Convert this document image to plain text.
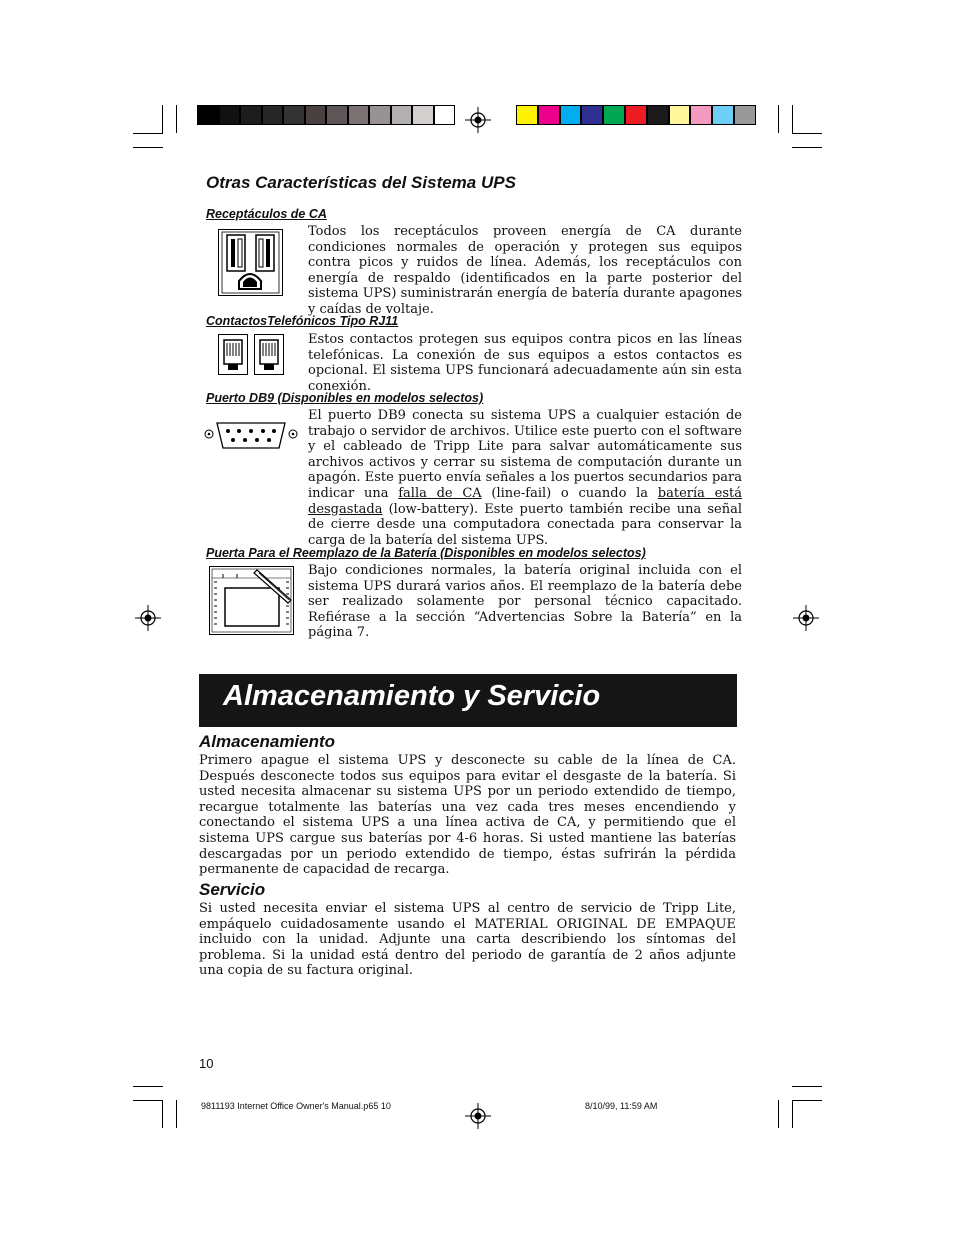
Otras Características del Sistema UPS

Receptáculos de CA

Todos los receptáculos proveen energía de CA durante condiciones normales de operación y protegen sus equipos contra picos y ruidos de línea. Además, los receptáculos con energía de respaldo (identificados en la parte posterior del sistema UPS) suministrarán energía de batería durante apagones y caídas de voltaje.

ContactosTelefónicos Tipo RJ11

Estos contactos protegen sus equipos contra picos en las líneas telefónicas. La conexión de sus equipos a estos contactos es opcional. El sistema UPS funcionará adecuadamente aún sin esta conexión.

Puerto DB9 (Disponibles en modelos selectos)

El puerto DB9 conecta su sistema UPS a cualquier estación de trabajo o servidor de archivos. Utilice este puerto con el software y el cableado de Tripp Lite para salvar automáticamente sus archivos activos y cerrar su sistema de computación durante un apagón. Este puerto envía señales a los puertos secundarios para indicar una falla de CA (line-fail) o cuando la batería está desgastada (low-battery). Este puerto también recibe una señal de cierre desde una computadora conectada para conservar la carga de la batería del sistema UPS.

Puerta Para el Reemplazo de la Batería (Disponibles en modelos selectos)

Bajo condiciones normales, la batería original incluida con el sistema UPS durará varios años. El reemplazo de la batería debe ser realizado solamente por personal técnico capacitado. Refiérase a la sección “Advertencias Sobre la Batería” en la página 7.

Almacenamiento y Servicio
Almacenamiento

Primero apague el sistema UPS y desconecte su cable de la línea de CA. Después desconecte todos sus equipos para evitar el desgaste de la batería. Si usted necesita almacenar su sistema UPS por un periodo extendido de tiempo, recargue totalmente las baterías una vez cada tres meses encendiendo y conectando el sistema UPS a una línea activa de CA, y permitiendo que el sistema UPS cargue sus baterías por 4-6 horas. Si usted mantiene las baterías descargadas por un periodo extendido de tiempo, éstas sufrirán la pérdida permanente de capacidad de recarga.

Servicio

Si usted necesita enviar el sistema UPS al centro de servicio de Tripp Lite, empáquelo cuidadosamente usando el MATERIAL ORIGINAL DE EMPAQUE incluido con la unidad. Adjunte una carta describiendo los síntomas del problema. Si la unidad está dentro del periodo de garantía de 2 años adjunte una copia de su factura original.

10
9811193 Internet Office Owner's Manual.p65 10	8/10/99, 11:59 AM
